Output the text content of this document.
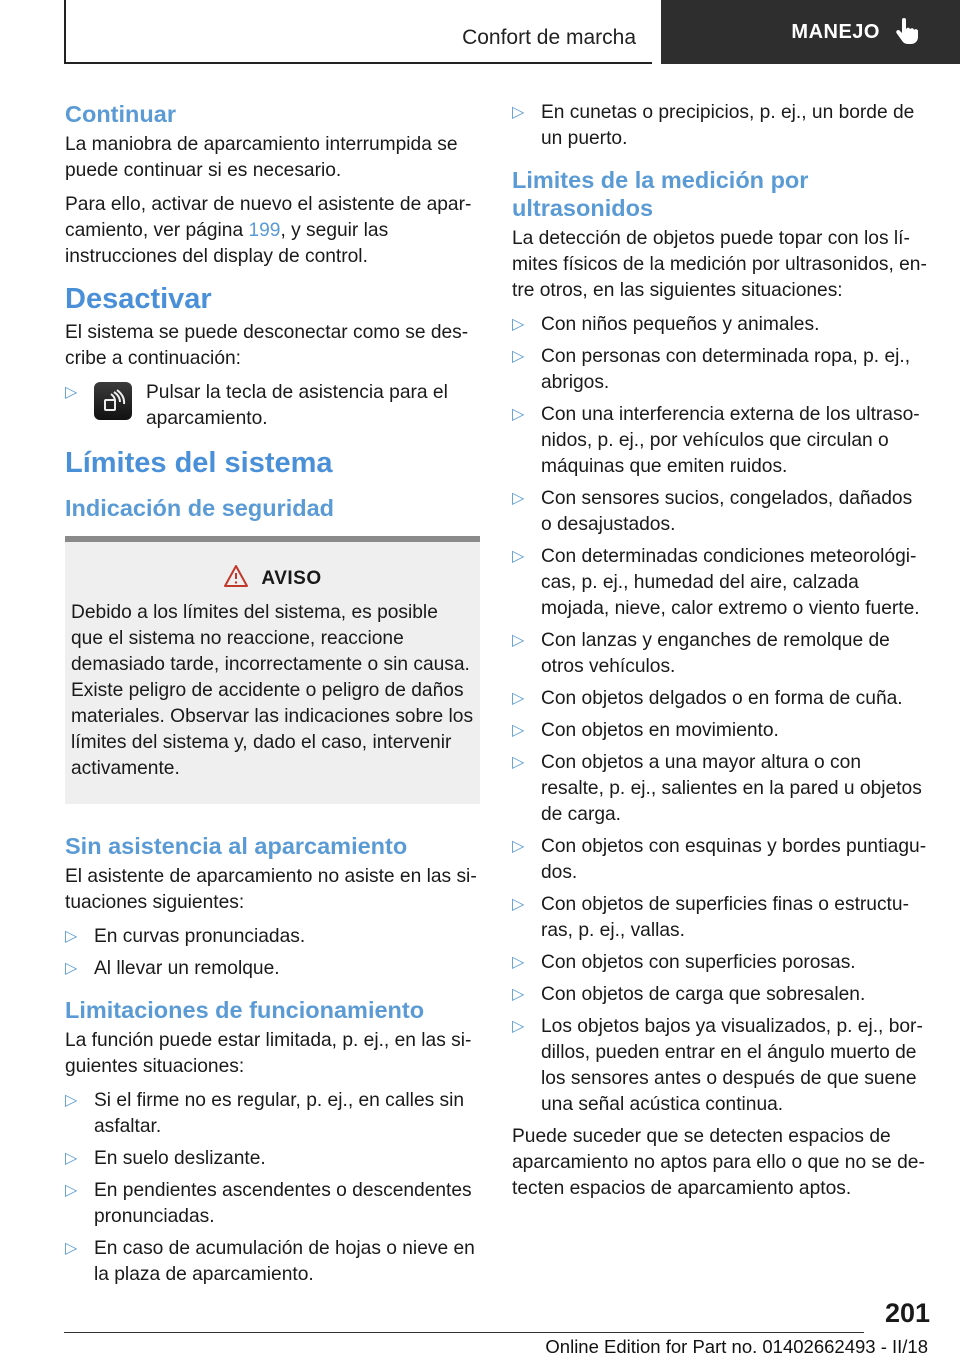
Confort de marcha	MANEJO
Continuar

La maniobra de aparcamiento interrumpida se puede continuar si es necesario.

Para ello, activar de nuevo el asistente de aparcamiento, ver página 199, y seguir las instrucciones del display de control.

Desactivar

El sistema se puede desconectar como se describe a continuación:

▷	Pulsar la tecla de asistencia para el aparcamiento.
Límites del sistema
Indicación de seguridad
AVISO

Debido a los límites del sistema, es posible que el sistema no reaccione, reaccione demasiado tarde, incorrectamente o sin causa. Existe peligro de accidente o peligro de daños materiales. Observar las indicaciones sobre los límites del sistema y, dado el caso, intervenir activamente.

Sin asistencia al aparcamiento

El asistente de aparcamiento no asiste en las situaciones siguientes:

▷ En curvas pronunciadas.
▷ Al llevar un remolque.
Limitaciones de funcionamiento

La función puede estar limitada, p. ej., en las siguientes situaciones:

▷ Si el firme no es regular, p. ej., en calles sin asfaltar.
▷ En suelo deslizante.
▷ En pendientes ascendentes o descendentes pronunciadas.
▷ En caso de acumulación de hojas o nieve en la plaza de aparcamiento.
▷ En cunetas o precipicios, p. ej., un borde de un puerto.
Limites de la medición por ultrasonidos

La detección de objetos puede topar con los límites físicos de la medición por ultrasonidos, entre otros, en las siguientes situaciones:

▷ Con niños pequeños y animales.
▷ Con personas con determinada ropa, p. ej., abrigos.
▷ Con una interferencia externa de los ultrasonidos, p. ej., por vehículos que circulan o máquinas que emiten ruidos.
▷ Con sensores sucios, congelados, dañados o desajustados.
▷ Con determinadas condiciones meteorológicas, p. ej., humedad del aire, calzada mojada, nieve, calor extremo o viento fuerte.
▷ Con lanzas y enganches de remolque de otros vehículos.
▷ Con objetos delgados o en forma de cuña.
▷ Con objetos en movimiento.
▷ Con objetos a una mayor altura o con resalte, p. ej., salientes en la pared u objetos de carga.
▷ Con objetos con esquinas y bordes puntiagudos.
▷ Con objetos de superficies finas o estructuras, p. ej., vallas.
▷ Con objetos con superficies porosas.
▷ Con objetos de carga que sobresalen.
▷ Los objetos bajos ya visualizados, p. ej., bordillos, pueden entrar en el ángulo muerto de los sensores antes o después de que suene una señal acústica continua.

Puede suceder que se detecten espacios de aparcamiento no aptos para ello o que no se detecten espacios de aparcamiento aptos.

201
Online Edition for Part no. 01402662493 - II/18
